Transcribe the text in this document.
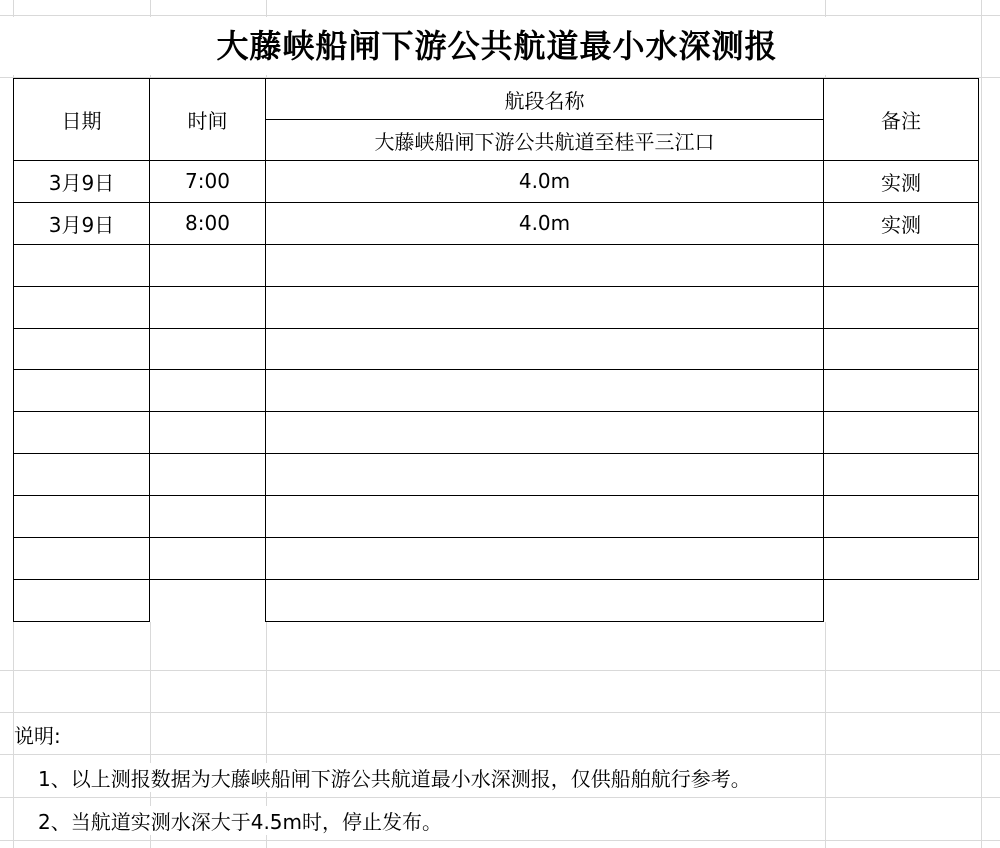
大藤峡船闸下游公共航道最小水深测报
日期	时间	航段名称	备注
		大藤峡船闸下游公共航道至桂平三江口	
3月9日	7:00	4.0m	实测
3月9日	8:00	4.0m	实测

说明:
1、以上测报数据为大藤峡船闸下游公共航道最小水深测报，仅供船舶航行参考。
2、当航道实测水深大于4.5m时，停止发布。
